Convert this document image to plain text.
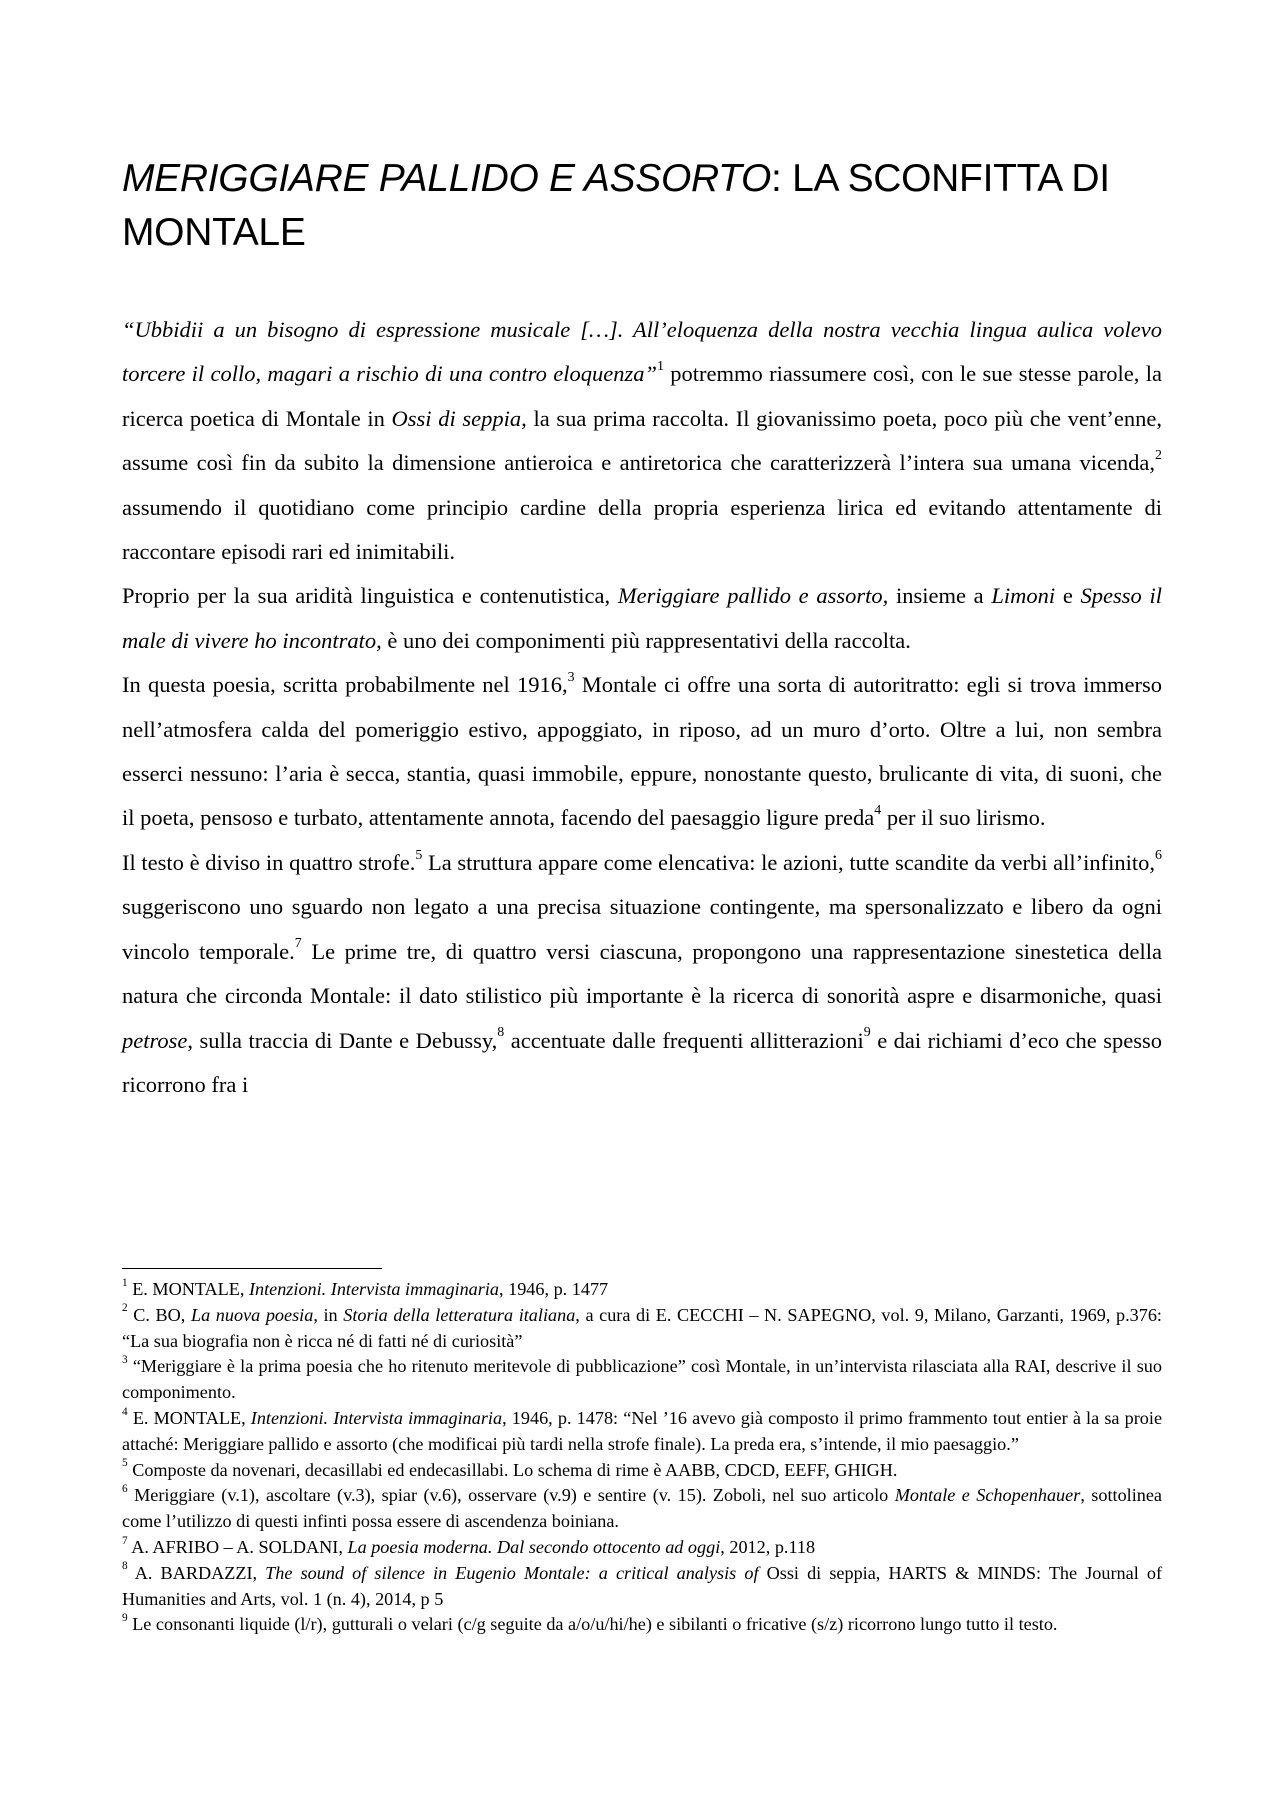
MERIGGIARE PALLIDO E ASSORTO: LA SCONFITTA DI MONTALE

“Ubbidii a un bisogno di espressione musicale […]. All’eloquenza della nostra vecchia lingua aulica volevo torcere il collo, magari a rischio di una contro eloquenza”$^1$ potremmo riassumere così, con le sue stesse parole, la ricerca poetica di Montale in Ossi di seppia, la sua prima raccolta. Il giovanissimo poeta, poco più che vent’enne, assume così fin da subito la dimensione antieroica e antiretorica che caratterizzerà l’intera sua umana vicenda,$^2$ assumendo il quotidiano come principio cardine della propria esperienza lirica ed evitando attentamente di raccontare episodi rari ed inimitabili.

Proprio per la sua aridità linguistica e contenutistica, Meriggiare pallido e assorto, insieme a Limoni e Spesso il male di vivere ho incontrato, è uno dei componimenti più rappresentativi della raccolta.

In questa poesia, scritta probabilmente nel 1916,$^3$ Montale ci offre una sorta di autoritratto: egli si trova immerso nell’atmosfera calda del pomeriggio estivo, appoggiato, in riposo, ad un muro d’orto. Oltre a lui, non sembra esserci nessuno: l’aria è secca, stantia, quasi immobile, eppure, nonostante questo, brulicante di vita, di suoni, che il poeta, pensoso e turbato, attentamente annota, facendo del paesaggio ligure preda$^4$ per il suo lirismo.

Il testo è diviso in quattro strofe.$^5$ La struttura appare come elencativa: le azioni, tutte scandite da verbi all’infinito,$^6$ suggeriscono uno sguardo non legato a una precisa situazione contingente, ma spersonalizzato e libero da ogni vincolo temporale.$^7$ Le prime tre, di quattro versi ciascuna, propongono una rappresentazione sinestetica della natura che circonda Montale: il dato stilistico più importante è la ricerca di sonorità aspre e disarmoniche, quasi petrose, sulla traccia di Dante e Debussy,$^8$ accentuate dalle frequenti allitterazioni$^9$ e dai richiami d’eco che spesso ricorrono fra i

$^1$ E. MONTALE, Intenzioni. Intervista immaginaria, 1946, p. 1477

$^2$ C. BO, La nuova poesia, in Storia della letteratura italiana, a cura di E. CECCHI – N. SAPEGNO, vol. 9, Milano, Garzanti, 1969, p.376: “La sua biografia non è ricca né di fatti né di curiosità”

$^3$ “Meriggiare è la prima poesia che ho ritenuto meritevole di pubblicazione” così Montale, in un’intervista rilasciata alla RAI, descrive il suo componimento.

$^4$ E. MONTALE, Intenzioni. Intervista immaginaria, 1946, p. 1478: “Nel ’16 avevo già composto il primo frammento tout entier à la sa proie attaché: Meriggiare pallido e assorto (che modificai più tardi nella strofe finale). La preda era, s’intende, il mio paesaggio.”

$^5$ Composte da novenari, decasillabi ed endecasillabi. Lo schema di rime è AABB, CDCD, EEFF, GHIGH.

$^6$ Meriggiare (v.1), ascoltare (v.3), spiar (v.6), osservare (v.9) e sentire (v. 15). Zoboli, nel suo articolo Montale e Schopenhauer, sottolinea come l’utilizzo di questi infinti possa essere di ascendenza boiniana.

$^7$ A. AFRIBO – A. SOLDANI, La poesia moderna. Dal secondo ottocento ad oggi, 2012, p.118

$^8$ A. BARDAZZI, The sound of silence in Eugenio Montale: a critical analysis of Ossi di seppia, HARTS & MINDS: The Journal of Humanities and Arts, vol. 1 (n. 4), 2014, p 5

$^9$ Le consonanti liquide (l/r), gutturali o velari (c/g seguite da a/o/u/hi/he) e sibilanti o fricative (s/z) ricorrono lungo tutto il testo.
